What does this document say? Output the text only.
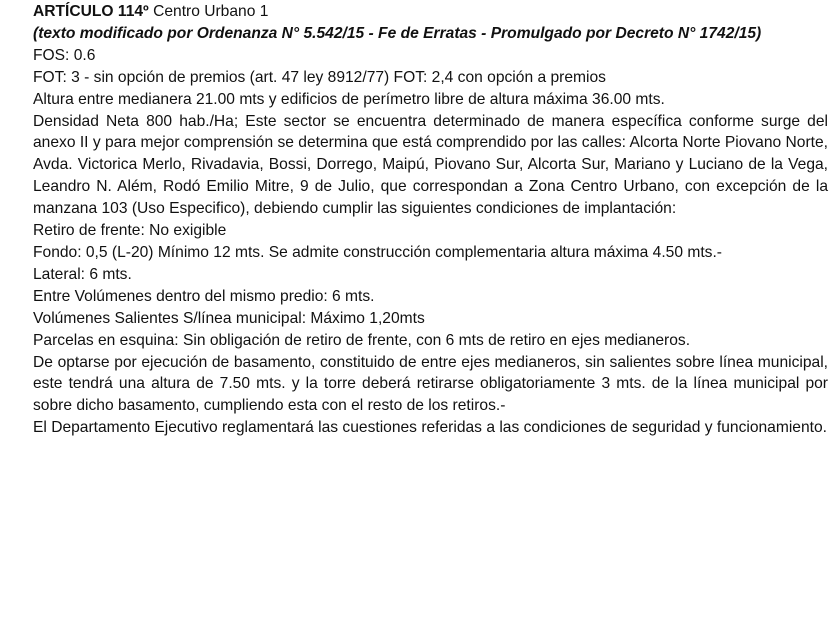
ARTÍCULO 114º Centro Urbano 1

(texto modificado por Ordenanza N° 5.542/15 - Fe de Erratas - Promulgado por Decreto N° 1742/15)

FOS: 0.6

FOT: 3 - sin opción de premios (art. 47 ley 8912/77) FOT: 2,4 con opción a premios

Altura entre medianera 21.00 mts y edificios de perímetro libre de altura máxima 36.00 mts.

Densidad Neta 800 hab./Ha; Este sector se encuentra determinado de manera específica conforme surge del anexo II y para mejor comprensión se determina que está comprendido por las calles: Alcorta Norte Piovano Norte, Avda. Victorica Merlo, Rivadavia, Bossi, Dorrego, Maipú, Piovano Sur, Alcorta Sur, Mariano y Luciano de la Vega, Leandro N. Além, Rodó Emilio Mitre, 9 de Julio, que correspondan a Zona Centro Urbano, con excepción de la manzana 103 (Uso Especifico), debiendo cumplir las siguientes condiciones de implantación:

Retiro de frente: No exigible

Fondo: 0,5 (L-20) Mínimo 12 mts. Se admite construcción complementaria altura máxima 4.50 mts.-

Lateral: 6 mts.

Entre Volúmenes dentro del mismo predio: 6 mts.

Volúmenes Salientes S/línea municipal: Máximo 1,20mts

Parcelas en esquina: Sin obligación de retiro de frente, con 6 mts de retiro en ejes medianeros.

De optarse por ejecución de basamento, constituido de entre ejes medianeros, sin salientes sobre línea municipal, este tendrá una altura de 7.50 mts. y la torre deberá retirarse obligatoriamente 3 mts. de la línea municipal por sobre dicho basamento, cumpliendo esta con el resto de los retiros.-

El Departamento Ejecutivo reglamentará las cuestiones referidas a las condiciones de seguridad y funcionamiento.
